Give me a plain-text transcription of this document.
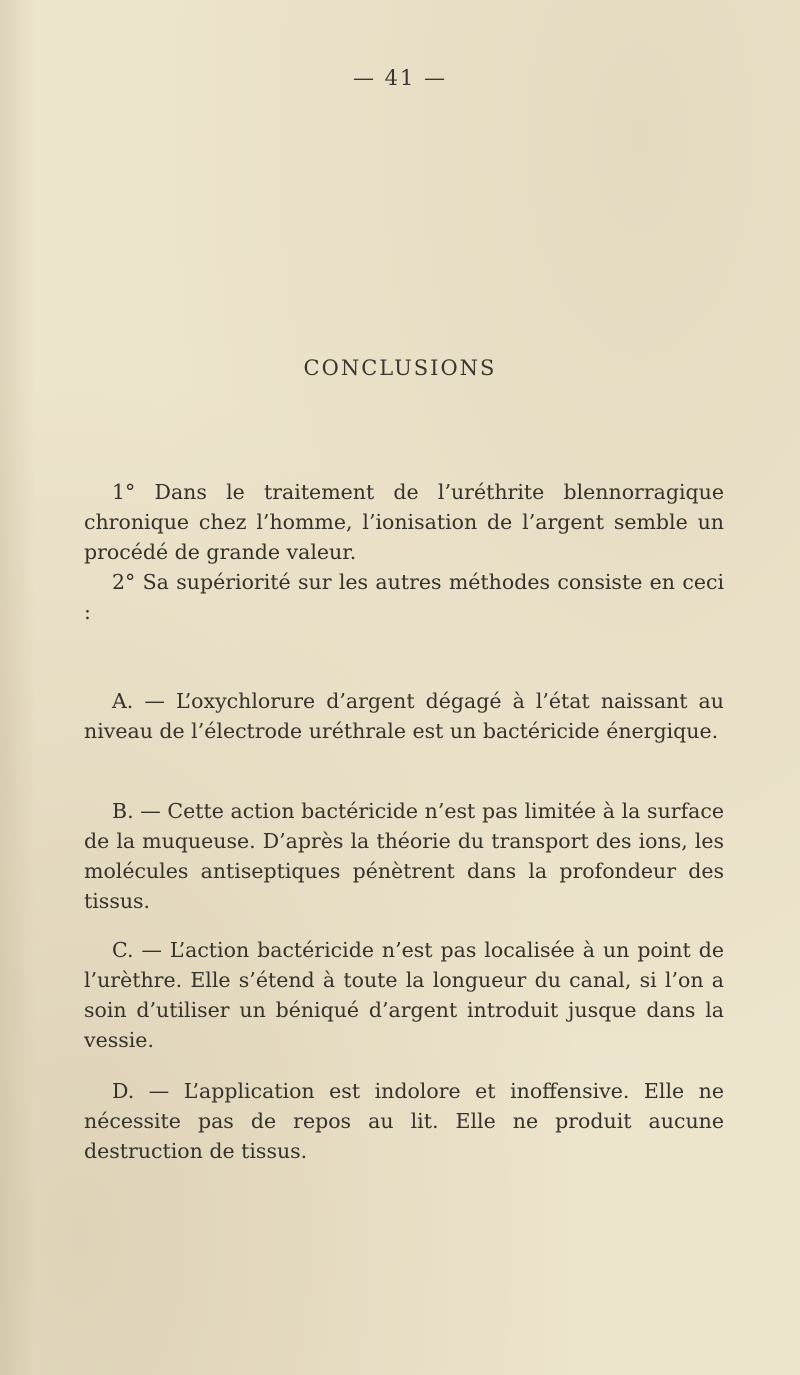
— 41 —
CONCLUSIONS

1° Dans le traitement de l’uréthrite blennorragique chronique chez l’homme, l’ionisation de l’argent semble un procédé de grande valeur.

2° Sa supériorité sur les autres méthodes consiste en ceci :

A. — L’oxychlorure d’argent dégagé à l’état naissant au niveau de l’électrode uréthrale est un bactéricide énergique.

B. — Cette action bactéricide n’est pas limitée à la surface de la muqueuse. D’après la théorie du transport des ions, les molécules antiseptiques pénètrent dans la profondeur des tissus.

C. — L’action bactéricide n’est pas localisée à un point de l’urèthre. Elle s’étend à toute la longueur du canal, si l’on a soin d’utiliser un béniqué d’argent introduit jusque dans la vessie.

D. — L’application est indolore et inoffensive. Elle ne nécessite pas de repos au lit. Elle ne produit aucune destruction de tissus.
